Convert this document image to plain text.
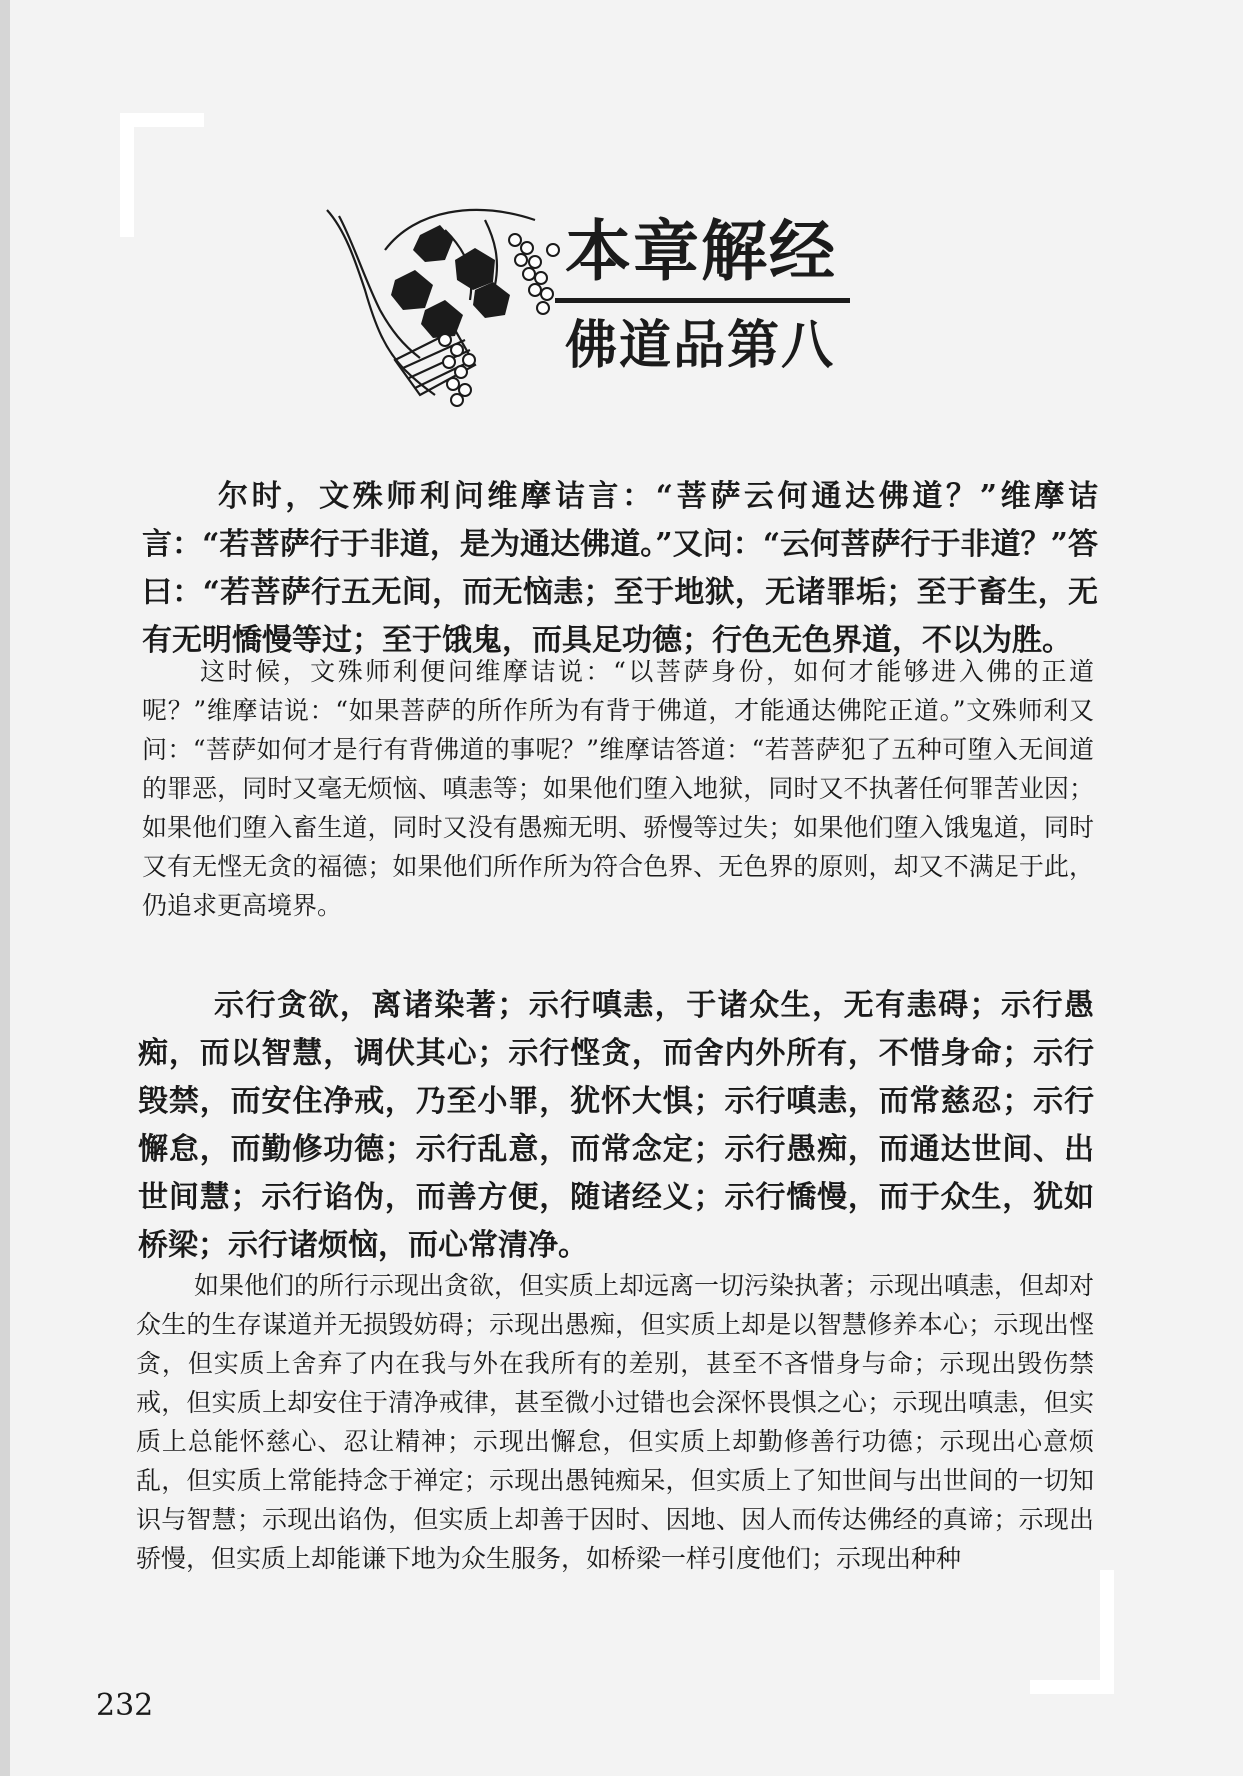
本章解经
佛道品第八

尔时，文殊师利问维摩诘言：“菩萨云何通达佛道？”维摩诘言：“若菩萨行于非道，是为通达佛道。”又问：“云何菩萨行于非道？”答曰：“若菩萨行五无间，而无恼恚；至于地狱，无诸罪垢；至于畜生，无有无明憍慢等过；至于饿鬼，而具足功德；行色无色界道，不以为胜。

这时候，文殊师利便问维摩诘说：“以菩萨身份，如何才能够进入佛的正道呢？”维摩诘说：“如果菩萨的所作所为有背于佛道，才能通达佛陀正道。”文殊师利又问：“菩萨如何才是行有背佛道的事呢？”维摩诘答道：“若菩萨犯了五种可堕入无间道的罪恶，同时又毫无烦恼、嗔恚等；如果他们堕入地狱，同时又不执著任何罪苦业因；如果他们堕入畜生道，同时又没有愚痴无明、骄慢等过失；如果他们堕入饿鬼道，同时又有无悭无贪的福德；如果他们所作所为符合色界、无色界的原则，却又不满足于此，仍追求更高境界。

示行贪欲，离诸染著；示行嗔恚，于诸众生，无有恚碍；示行愚痴，而以智慧，调伏其心；示行悭贪，而舍内外所有，不惜身命；示行毁禁，而安住净戒，乃至小罪，犹怀大惧；示行嗔恚，而常慈忍；示行懈怠，而勤修功德；示行乱意，而常念定；示行愚痴，而通达世间、出世间慧；示行谄伪，而善方便，随诸经义；示行憍慢，而于众生，犹如桥梁；示行诸烦恼，而心常清净。

如果他们的所行示现出贪欲，但实质上却远离一切污染执著；示现出嗔恚，但却对众生的生存谋道并无损毁妨碍；示现出愚痴，但实质上却是以智慧修养本心；示现出悭贪，但实质上舍弃了内在我与外在我所有的差别，甚至不吝惜身与命；示现出毁伤禁戒，但实质上却安住于清净戒律，甚至微小过错也会深怀畏惧之心；示现出嗔恚，但实质上总能怀慈心、忍让精神；示现出懈怠，但实质上却勤修善行功德；示现出心意烦乱，但实质上常能持念于禅定；示现出愚钝痴呆，但实质上了知世间与出世间的一切知识与智慧；示现出谄伪，但实质上却善于因时、因地、因人而传达佛经的真谛；示现出骄慢，但实质上却能谦下地为众生服务，如桥梁一样引度他们；示现出种种

232
